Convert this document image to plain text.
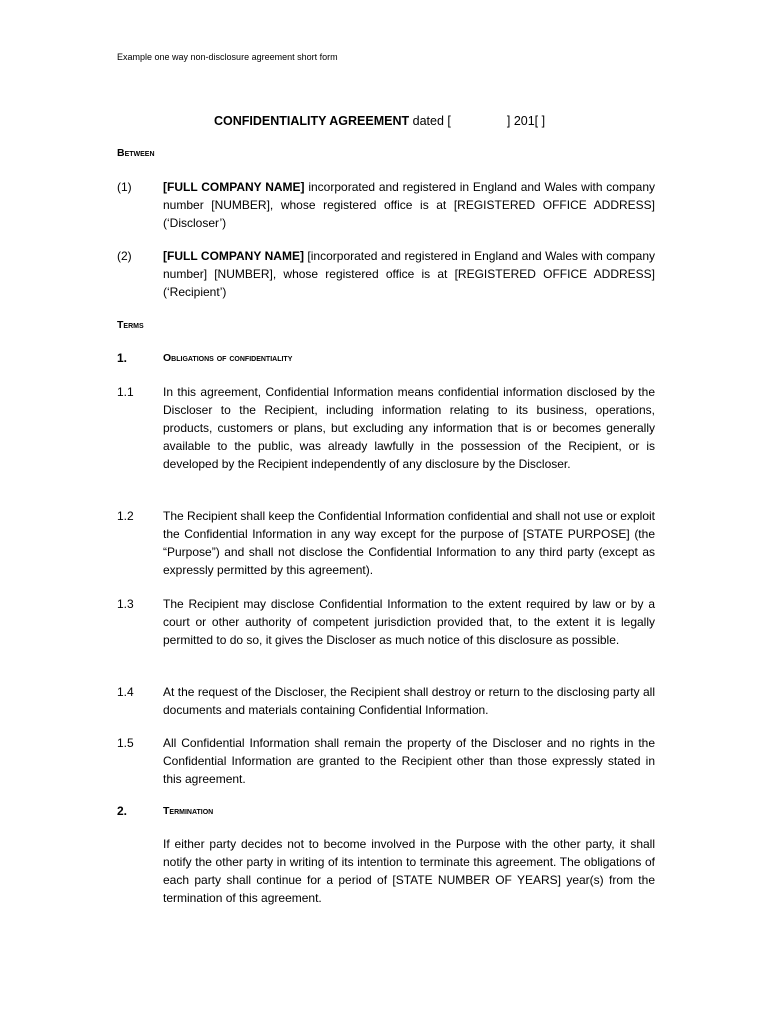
Example one way non-disclosure agreement short form
CONFIDENTIALITY AGREEMENT dated [	] 201[ ]
Between
(1)	[FULL COMPANY NAME] incorporated and registered in England and Wales with company number [NUMBER], whose registered office is at [REGISTERED OFFICE ADDRESS] (‘Discloser’)
(2)	[FULL COMPANY NAME] [incorporated and registered in England and Wales with company number] [NUMBER], whose registered office is at [REGISTERED OFFICE ADDRESS] (‘Recipient’)
Terms
1.	Obligations of confidentiality
1.1 In this agreement, Confidential Information means confidential information disclosed by the Discloser to the Recipient, including information relating to its business, operations, products, customers or plans, but excluding any information that is or becomes generally available to the public, was already lawfully in the possession of the Recipient, or is developed by the Recipient independently of any disclosure by the Discloser.
1.2 The Recipient shall keep the Confidential Information confidential and shall not use or exploit the Confidential Information in any way except for the purpose of [STATE PURPOSE] (the “Purpose”) and shall not disclose the Confidential Information to any third party (except as expressly permitted by this agreement).
1.3 The Recipient may disclose Confidential Information to the extent required by law or by a court or other authority of competent jurisdiction provided that, to the extent it is legally permitted to do so, it gives the Discloser as much notice of this disclosure as possible.
1.4 At the request of the Discloser, the Recipient shall destroy or return to the disclosing party all documents and materials containing Confidential Information.
1.5 All Confidential Information shall remain the property of the Discloser and no rights in the Confidential Information are granted to the Recipient other than those expressly stated in this agreement.
2.	Termination
If either party decides not to become involved in the Purpose with the other party, it shall notify the other party in writing of its intention to terminate this agreement. The obligations of each party shall continue for a period of [STATE NUMBER OF YEARS] year(s) from the termination of this agreement.
